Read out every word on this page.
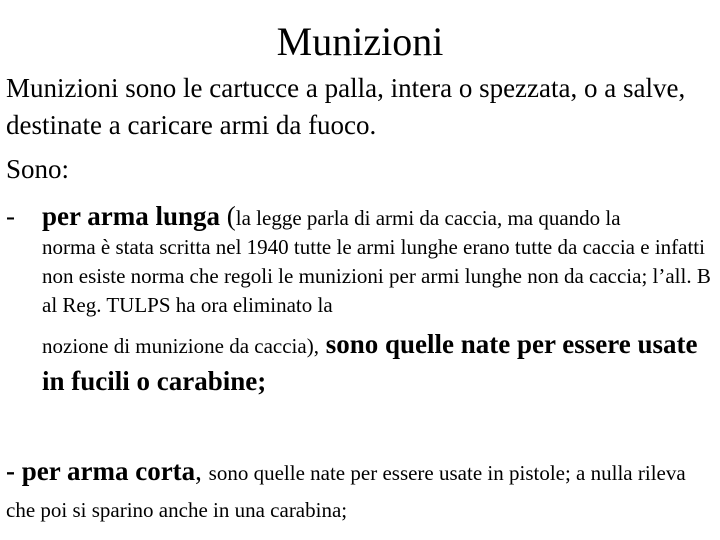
Munizioni
Munizioni sono le cartucce a palla, intera o spezzata, o a salve, destinate a caricare armi da fuoco.
Sono:
- per arma lunga (la legge parla di armi da caccia, ma quando la
norma è stata scritta nel 1940 tutte le armi lunghe erano tutte da caccia e infatti non esiste norma che regoli le munizioni per armi lunghe non da caccia; l’all. B al Reg. TULPS ha ora eliminato la
nozione di munizione da caccia), sono quelle nate per essere usate in fucili o carabine;
- per arma corta, sono quelle nate per essere usate in pistole; a nulla rileva che poi si sparino anche in una carabina;
